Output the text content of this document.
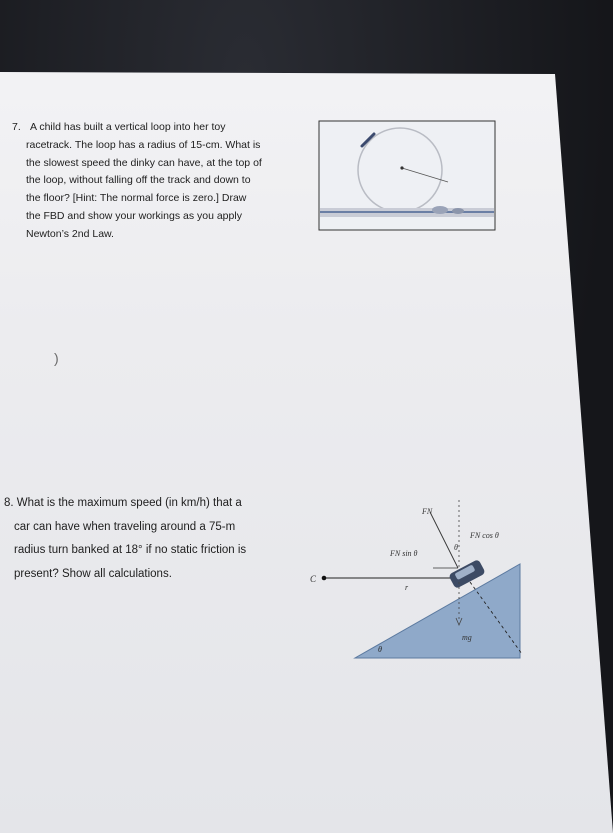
7. A child has built a vertical loop into her toy
racetrack. The loop has a radius of 15-cm. What is
the slowest speed the dinky can have, at the top of
the loop, without falling off the track and down to
the floor? [Hint: The normal force is zero.] Draw
the FBD and show your workings as you apply
Newton’s 2nd Law.
)
8. What is the maximum speed (in km/h) that a
car can have when traveling around a 75-m
radius turn banked at 18° if no static friction is
present? Show all calculations.
FN
FN cos θ
FN sin θ
θ
C
r
mg
θ
